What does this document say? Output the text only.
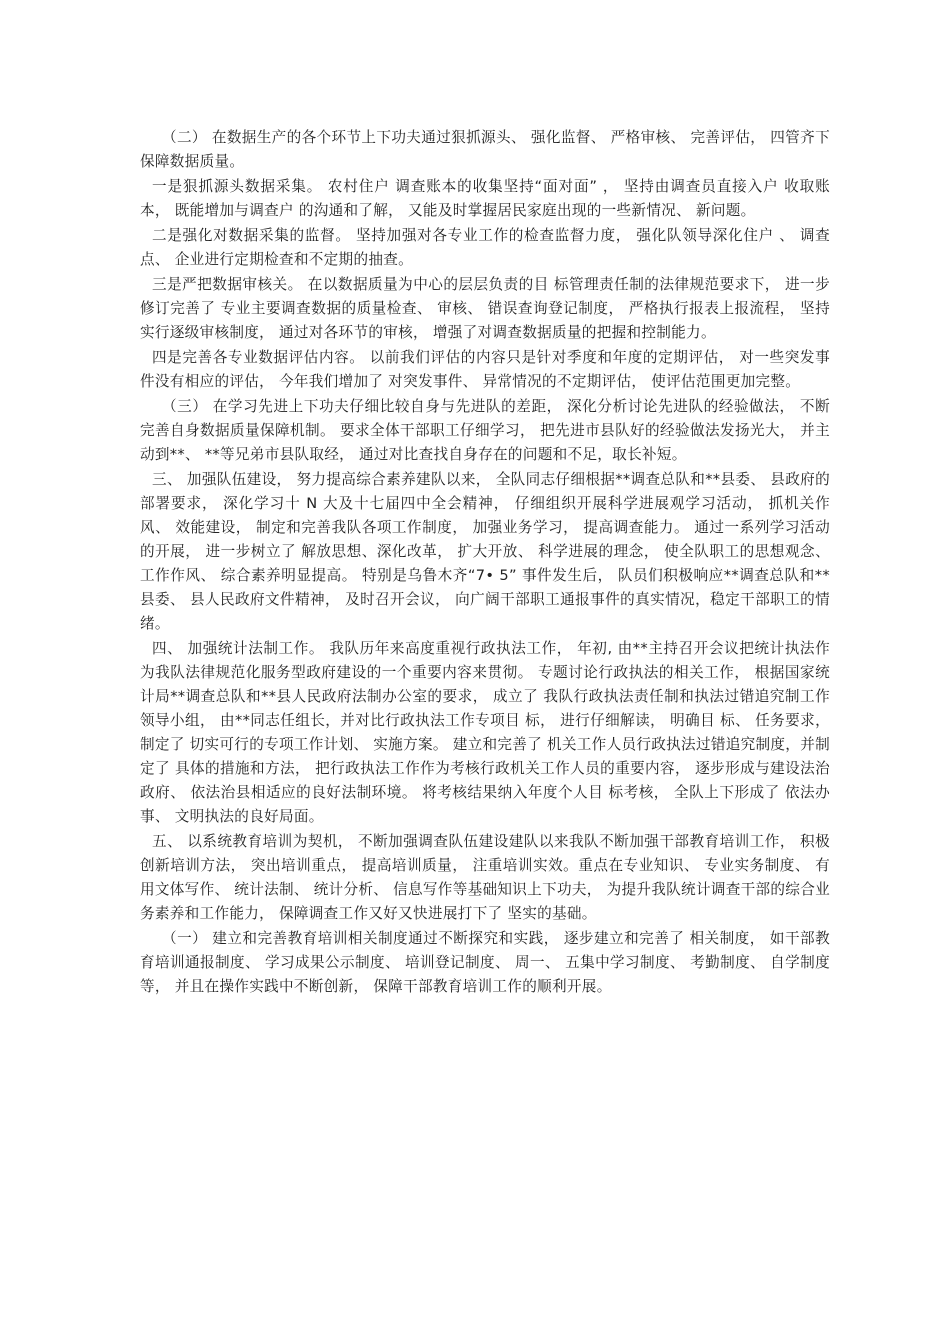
（二） 在数据生产的各个环节上下功夫通过狠抓源头、 强化监督、 严格审核、 完善评估， 四管齐下保障数据质量。

一是狠抓源头数据采集。 农村住户 调查账本的收集坚持“面对面” ， 坚持由调查员直接入户 收取账本， 既能增加与调查户 的沟通和了解， 又能及时掌握居民家庭出现的一些新情况、 新问题。

二是强化对数据采集的监督。 坚持加强对各专业工作的检查监督力度， 强化队领导深化住户 、 调查点、 企业进行定期检查和不定期的抽查。

三是严把数据审核关。 在以数据质量为中心的层层负责的目 标管理责任制的法律规范要求下， 进一步修订完善了 专业主要调查数据的质量检查、 审核、 错误查询登记制度， 严格执行报表上报流程， 坚持实行逐级审核制度， 通过对各环节的审核， 增强了对调查数据质量的把握和控制能力。

四是完善各专业数据评估内容。 以前我们评估的内容只是针对季度和年度的定期评估， 对一些突发事件没有相应的评估， 今年我们增加了 对突发事件、 异常情况的不定期评估， 使评估范围更加完整。

（三） 在学习先进上下功夫仔细比较自身与先进队的差距， 深化分析讨论先进队的经验做法， 不断完善自身数据质量保障机制。 要求全体干部职工仔细学习， 把先进市县队好的经验做法发扬光大， 并主动到**、 **等兄弟市县队取经， 通过对比查找自身存在的问题和不足，取长补短。

三、 加强队伍建设， 努力提高综合素养建队以来， 全队同志仔细根据**调查总队和**县委、 县政府的部署要求， 深化学习十 N 大及十七届四中全会精神， 仔细组织开展科学进展观学习活动， 抓机关作风、 效能建设， 制定和完善我队各项工作制度， 加强业务学习， 提高调查能力。 通过一系列学习活动的开展， 进一步树立了 解放思想、深化改革， 扩大开放、 科学进展的理念， 使全队职工的思想观念、 工作作风、 综合素养明显提高。 特别是乌鲁木齐“7• 5” 事件发生后， 队员们积极响应**调查总队和**县委、 县人民政府文件精神， 及时召开会议， 向广阔干部职工通报事件的真实情况，稳定干部职工的情绪。

四、 加强统计法制工作。 我队历年来高度重视行政执法工作， 年初, 由**主持召开会议把统计执法作为我队法律规范化服务型政府建设的一个重要内容来贯彻。 专题讨论行政执法的相关工作， 根据国家统计局**调查总队和**县人民政府法制办公室的要求， 成立了 我队行政执法责任制和执法过错追究制工作领导小组， 由**同志任组长，并对比行政执法工作专项目 标， 进行仔细解读， 明确目 标、 任务要求， 制定了 切实可行的专项工作计划、 实施方案。 建立和完善了 机关工作人员行政执法过错追究制度，并制定了 具体的措施和方法， 把行政执法工作作为考核行政机关工作人员的重要内容， 逐步形成与建设法治政府、 依法治县相适应的良好法制环境。 将考核结果纳入年度个人目 标考核， 全队上下形成了 依法办事、 文明执法的良好局面。

五、 以系统教育培训为契机， 不断加强调查队伍建设建队以来我队不断加强干部教育培训工作， 积极创新培训方法， 突出培训重点， 提高培训质量， 注重培训实效。重点在专业知识、 专业实务制度、 有用文体写作、 统计法制、 统计分析、 信息写作等基础知识上下功夫， 为提升我队统计调查干部的综合业务素养和工作能力， 保障调查工作又好又快进展打下了 坚实的基础。

（一） 建立和完善教育培训相关制度通过不断探究和实践， 逐步建立和完善了 相关制度， 如干部教育培训通报制度、 学习成果公示制度、 培训登记制度、 周一、 五集中学习制度、 考勤制度、 自学制度等， 并且在操作实践中不断创新， 保障干部教育培训工作的顺利开展。
